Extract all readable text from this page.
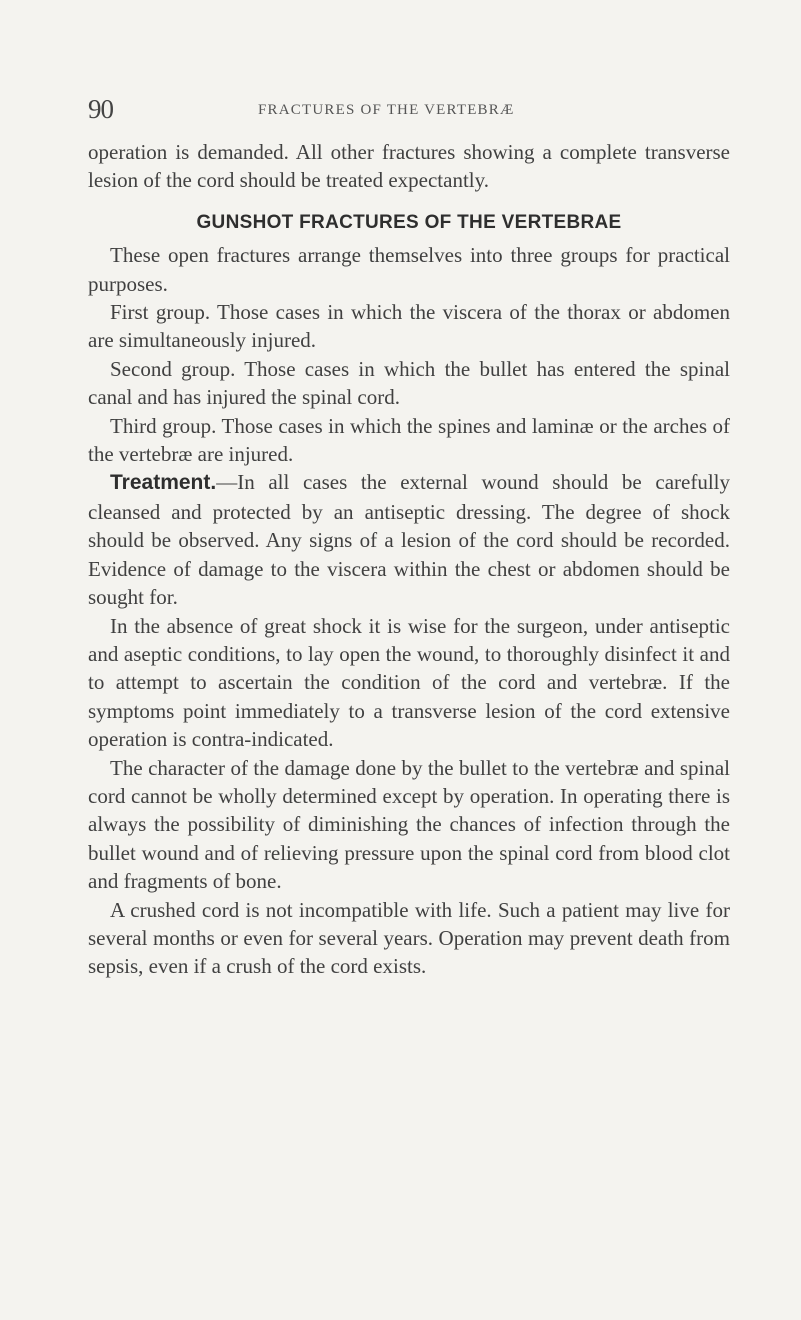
90	FRACTURES OF THE VERTEBRÆ

operation is demanded. All other fractures showing a complete transverse lesion of the cord should be treated expectantly.

GUNSHOT FRACTURES OF THE VERTEBRAE

These open fractures arrange themselves into three groups for practical purposes.

First group. Those cases in which the viscera of the thorax or abdomen are simultaneously injured.

Second group. Those cases in which the bullet has entered the spinal canal and has injured the spinal cord.

Third group. Those cases in which the spines and laminæ or the arches of the vertebræ are injured.

Treatment.—In all cases the external wound should be carefully cleansed and protected by an antiseptic dressing. The degree of shock should be observed. Any signs of a lesion of the cord should be recorded. Evidence of damage to the viscera within the chest or abdomen should be sought for.

In the absence of great shock it is wise for the surgeon, under antiseptic and aseptic conditions, to lay open the wound, to thoroughly disinfect it and to attempt to ascertain the condition of the cord and vertebræ. If the symptoms point immediately to a transverse lesion of the cord extensive operation is contra-indicated.

The character of the damage done by the bullet to the vertebræ and spinal cord cannot be wholly determined except by operation. In operating there is always the possibility of diminishing the chances of infection through the bullet wound and of relieving pressure upon the spinal cord from blood clot and fragments of bone.

A crushed cord is not incompatible with life. Such a patient may live for several months or even for several years. Operation may prevent death from sepsis, even if a crush of the cord exists.
